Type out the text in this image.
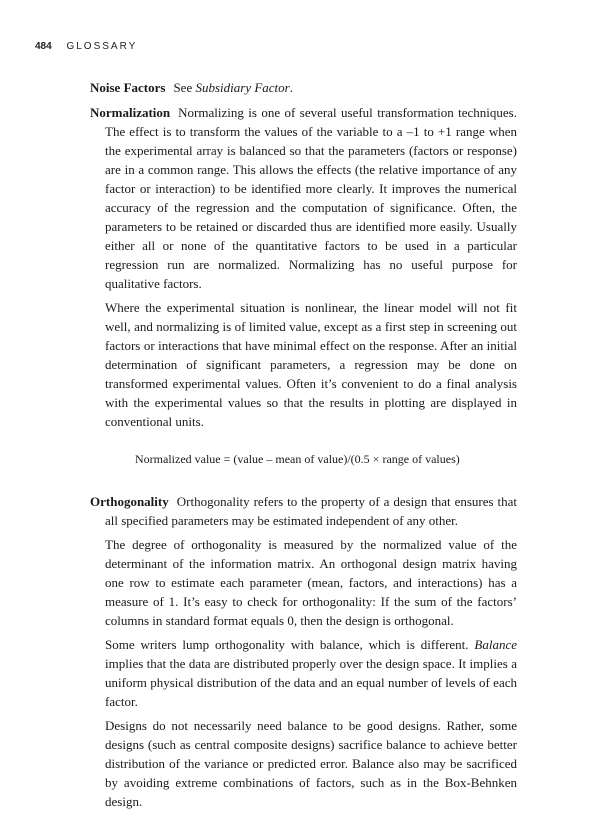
484 GLOSSARY

Noise Factors See Subsidiary Factor.

Normalization Normalizing is one of several useful transformation techniques. The effect is to transform the values of the variable to a –1 to +1 range when the experimental array is balanced so that the parameters (factors or response) are in a common range. This allows the effects (the relative importance of any factor or interaction) to be identified more clearly. It improves the numerical accuracy of the regression and the computation of significance. Often, the parameters to be retained or discarded thus are identified more easily. Usually either all or none of the quantitative factors to be used in a particular regression run are normalized. Normalizing has no useful purpose for qualitative factors.

Where the experimental situation is nonlinear, the linear model will not fit well, and normalizing is of limited value, except as a first step in screening out factors or interactions that have minimal effect on the response. After an initial determination of significant parameters, a regression may be done on transformed experimental values. Often it’s convenient to do a final analysis with the experimental values so that the results in plotting are displayed in conventional units.

Normalized value = (value – mean of value)/(0.5 × range of values)

Orthogonality Orthogonality refers to the property of a design that ensures that all specified parameters may be estimated independent of any other.

The degree of orthogonality is measured by the normalized value of the determinant of the information matrix. An orthogonal design matrix having one row to estimate each parameter (mean, factors, and interactions) has a measure of 1. It’s easy to check for orthogonality: If the sum of the factors’ columns in standard format equals 0, then the design is orthogonal.

Some writers lump orthogonality with balance, which is different. Balance implies that the data are distributed properly over the design space. It implies a uniform physical distribution of the data and an equal number of levels of each factor.

Designs do not necessarily need balance to be good designs. Rather, some designs (such as central composite designs) sacrifice balance to achieve better distribution of the variance or predicted error. Balance also may be sacrificed by avoiding extreme combinations of factors, such as in the Box-Behnken design.
